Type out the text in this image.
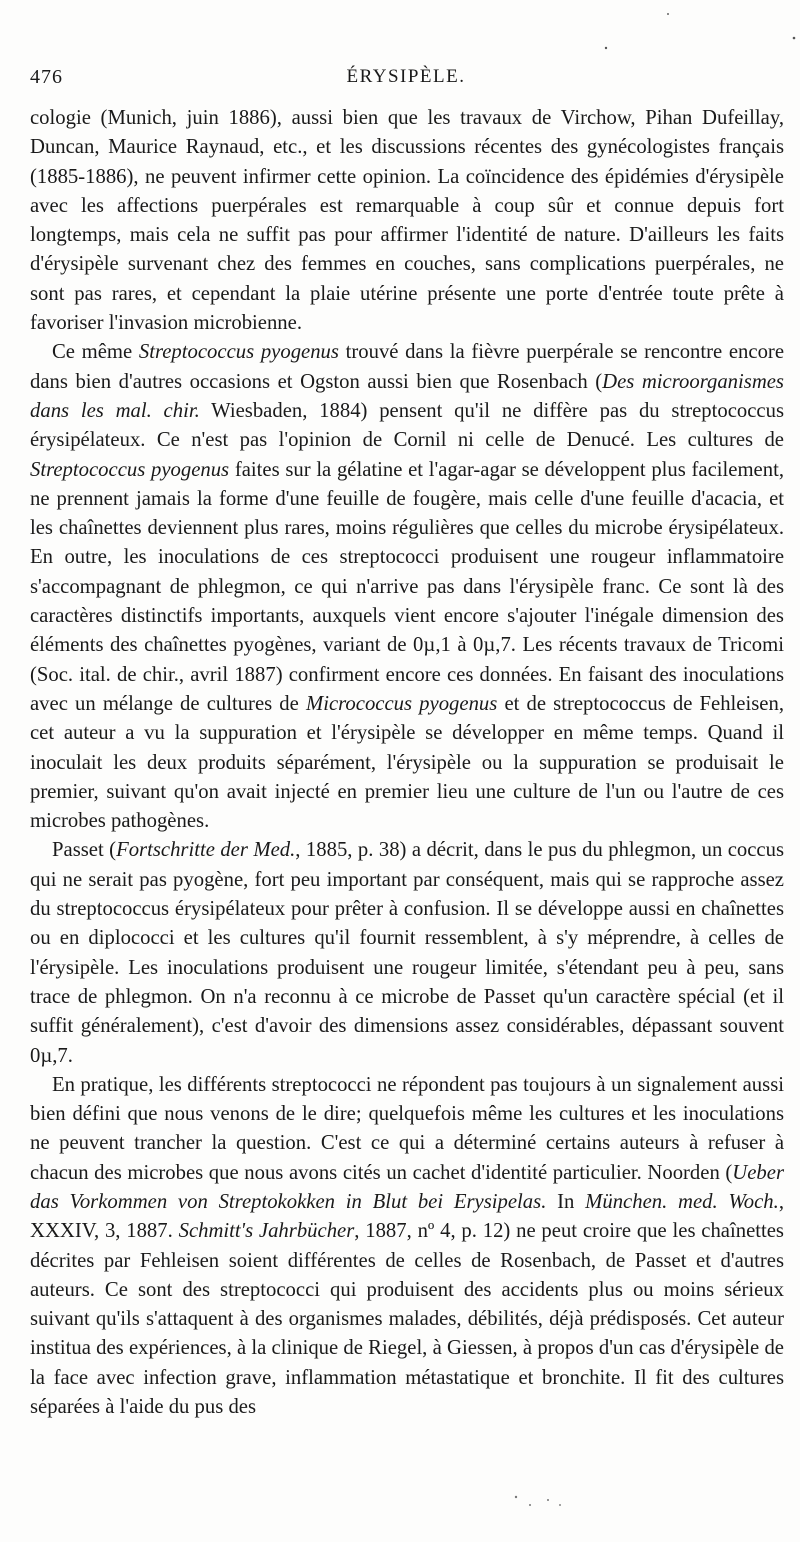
476	ÉRYSIPÈLE.

cologie (Munich, juin 1886), aussi bien que les travaux de Virchow, Pihan Dufeillay, Duncan, Maurice Raynaud, etc., et les discussions récentes des gynécologistes français (1885-1886), ne peuvent infirmer cette opinion. La coïncidence des épidémies d'érysipèle avec les affections puerpérales est remarquable à coup sûr et connue depuis fort longtemps, mais cela ne suffit pas pour affirmer l'identité de nature. D'ailleurs les faits d'érysipèle survenant chez des femmes en couches, sans complications puerpérales, ne sont pas rares, et cependant la plaie utérine présente une porte d'entrée toute prête à favoriser l'invasion microbienne.

Ce même Streptococcus pyogenus trouvé dans la fièvre puerpérale se rencontre encore dans bien d'autres occasions et Ogston aussi bien que Rosenbach (Des microorganismes dans les mal. chir. Wiesbaden, 1884) pensent qu'il ne diffère pas du streptococcus érysipélateux. Ce n'est pas l'opinion de Cornil ni celle de Denucé. Les cultures de Streptococcus pyogenus faites sur la gélatine et l'agar-agar se développent plus facilement, ne prennent jamais la forme d'une feuille de fougère, mais celle d'une feuille d'acacia, et les chaînettes deviennent plus rares, moins régulières que celles du microbe érysipélateux. En outre, les inoculations de ces streptococci produisent une rougeur inflammatoire s'accompagnant de phlegmon, ce qui n'arrive pas dans l'érysipèle franc. Ce sont là des caractères distinctifs importants, auxquels vient encore s'ajouter l'inégale dimension des éléments des chaînettes pyogènes, variant de 0µ,1 à 0µ,7. Les récents travaux de Tricomi (Soc. ital. de chir., avril 1887) confirment encore ces données. En faisant des inoculations avec un mélange de cultures de Micrococcus pyogenus et de streptococcus de Fehleisen, cet auteur a vu la suppuration et l'érysipèle se développer en même temps. Quand il inoculait les deux produits séparément, l'érysipèle ou la suppuration se produisait le premier, suivant qu'on avait injecté en premier lieu une culture de l'un ou l'autre de ces microbes pathogènes.

Passet (Fortschritte der Med., 1885, p. 38) a décrit, dans le pus du phlegmon, un coccus qui ne serait pas pyogène, fort peu important par conséquent, mais qui se rapproche assez du streptococcus érysipélateux pour prêter à confusion. Il se développe aussi en chaînettes ou en diplococci et les cultures qu'il fournit ressemblent, à s'y méprendre, à celles de l'érysipèle. Les inoculations produisent une rougeur limitée, s'étendant peu à peu, sans trace de phlegmon. On n'a reconnu à ce microbe de Passet qu'un caractère spécial (et il suffit généralement), c'est d'avoir des dimensions assez considérables, dépassant souvent 0µ,7.

En pratique, les différents streptococci ne répondent pas toujours à un signalement aussi bien défini que nous venons de le dire; quelquefois même les cultures et les inoculations ne peuvent trancher la question. C'est ce qui a déterminé certains auteurs à refuser à chacun des microbes que nous avons cités un cachet d'identité particulier. Noorden (Ueber das Vorkommen von Streptokokken in Blut bei Erysipelas. In München. med. Woch., XXXIV, 3, 1887. Schmitt's Jahrbücher, 1887, nº 4, p. 12) ne peut croire que les chaînettes décrites par Fehleisen soient différentes de celles de Rosenbach, de Passet et d'autres auteurs. Ce sont des streptococci qui produisent des accidents plus ou moins sérieux suivant qu'ils s'attaquent à des organismes malades, débilités, déjà prédisposés. Cet auteur institua des expériences, à la clinique de Riegel, à Giessen, à propos d'un cas d'érysipèle de la face avec infection grave, inflammation métastatique et bronchite. Il fit des cultures séparées à l'aide du pus des
